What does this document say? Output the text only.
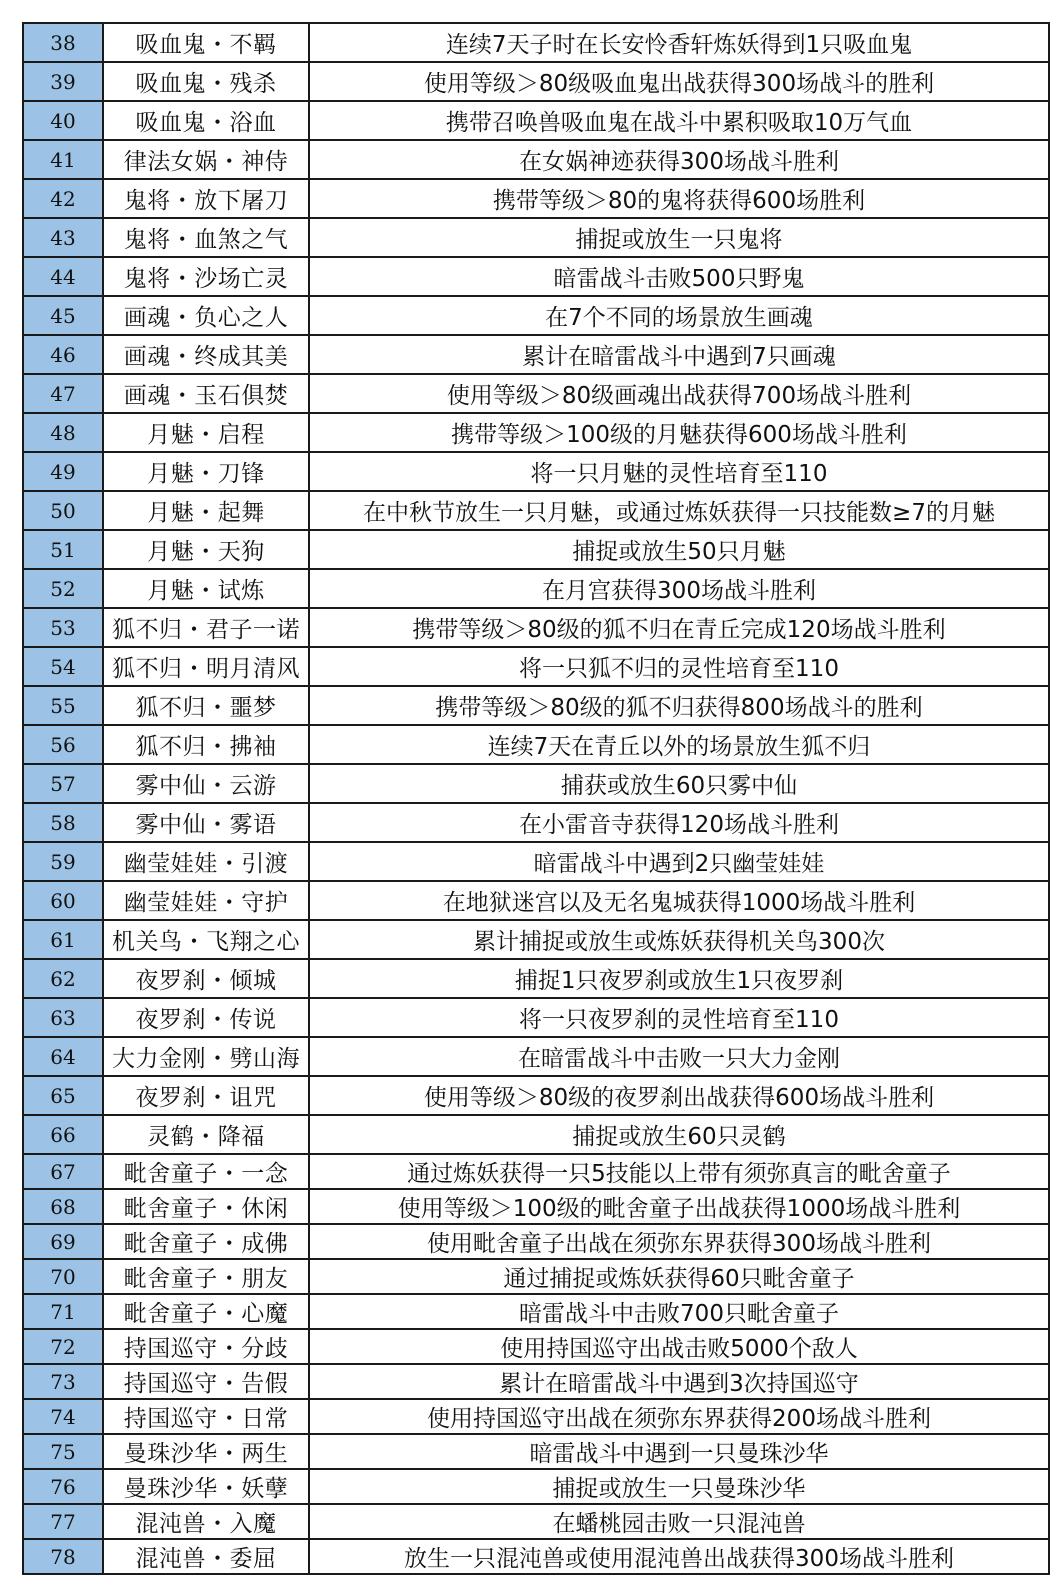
38	吸血鬼・不羁	连续7天子时在长安怜香轩炼妖得到1只吸血鬼
39	吸血鬼・残杀	使用等级＞80级吸血鬼出战获得300场战斗的胜利
40	吸血鬼・浴血	携带召唤兽吸血鬼在战斗中累积吸取10万气血
41	律法女娲・神侍	在女娲神迹获得300场战斗胜利
42	鬼将・放下屠刀	携带等级＞80的鬼将获得600场胜利
43	鬼将・血煞之气	捕捉或放生一只鬼将
44	鬼将・沙场亡灵	暗雷战斗击败500只野鬼
45	画魂・负心之人	在7个不同的场景放生画魂
46	画魂・终成其美	累计在暗雷战斗中遇到7只画魂
47	画魂・玉石俱焚	使用等级＞80级画魂出战获得700场战斗胜利
48	月魅・启程	携带等级＞100级的月魅获得600场战斗胜利
49	月魅・刀锋	将一只月魅的灵性培育至110
50	月魅・起舞	在中秋节放生一只月魅，或通过炼妖获得一只技能数≥7的月魅
51	月魅・天狗	捕捉或放生50只月魅
52	月魅・试炼	在月宫获得300场战斗胜利
53	狐不归・君子一诺	携带等级＞80级的狐不归在青丘完成120场战斗胜利
54	狐不归・明月清风	将一只狐不归的灵性培育至110
55	狐不归・噩梦	携带等级＞80级的狐不归获得800场战斗的胜利
56	狐不归・拂袖	连续7天在青丘以外的场景放生狐不归
57	雾中仙・云游	捕获或放生60只雾中仙
58	雾中仙・雾语	在小雷音寺获得120场战斗胜利
59	幽莹娃娃・引渡	暗雷战斗中遇到2只幽莹娃娃
60	幽莹娃娃・守护	在地狱迷宫以及无名鬼城获得1000场战斗胜利
61	机关鸟・飞翔之心	累计捕捉或放生或炼妖获得机关鸟300次
62	夜罗刹・倾城	捕捉1只夜罗刹或放生1只夜罗刹
63	夜罗刹・传说	将一只夜罗刹的灵性培育至110
64	大力金刚・劈山海	在暗雷战斗中击败一只大力金刚
65	夜罗刹・诅咒	使用等级＞80级的夜罗刹出战获得600场战斗胜利
66	灵鹤・降福	捕捉或放生60只灵鹤
67	毗舍童子・一念	通过炼妖获得一只5技能以上带有须弥真言的毗舍童子
68	毗舍童子・休闲	使用等级＞100级的毗舍童子出战获得1000场战斗胜利
69	毗舍童子・成佛	使用毗舍童子出战在须弥东界获得300场战斗胜利
70	毗舍童子・朋友	通过捕捉或炼妖获得60只毗舍童子
71	毗舍童子・心魔	暗雷战斗中击败700只毗舍童子
72	持国巡守・分歧	使用持国巡守出战击败5000个敌人
73	持国巡守・告假	累计在暗雷战斗中遇到3次持国巡守
74	持国巡守・日常	使用持国巡守出战在须弥东界获得200场战斗胜利
75	曼珠沙华・两生	暗雷战斗中遇到一只曼珠沙华
76	曼珠沙华・妖孽	捕捉或放生一只曼珠沙华
77	混沌兽・入魔	在蟠桃园击败一只混沌兽
78	混沌兽・委屈	放生一只混沌兽或使用混沌兽出战获得300场战斗胜利
